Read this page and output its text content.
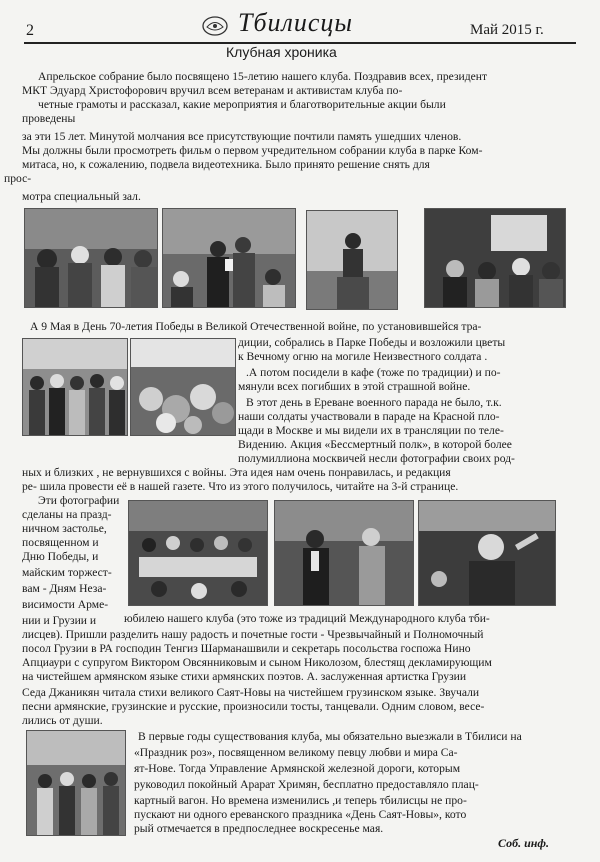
2	Тбилисцы	Май 2015 г.
Клубная хроника
Апрельское собрание было посвящено 15-летию нашего клуба. Поздравив всех, президент
МКТ Эдуард Христофорович вручил всем ветеранам и активистам клуба по-
четные грамоты и рассказал, какие мероприятия и благотворительные акции были
проведены
за эти 15 лет. Минутой молчания все присутствующие почтили память ушедших членов.
Мы должны были просмотреть фильм о первом учредительном собрании клуба в парке Ком-
митаса, но, к сожалению, подвела видеотехника. Было принято решение снять для
прос-
мотра специальный зал.
А 9 Мая в День 70-летия Победы в Великой Отечественной войне, по установившейся тра-
диции, собрались в Парке Победы и возложили цветы
к Вечному огню на могиле Неизвестного солдата .
.А потом посидели в кафе (тоже по традиции) и по-
мянули всех погибших в этой страшной войне.
В этот день в Ереване военного парада не было, т.к.
наши солдаты участвовали в параде на Красной пло-
щади в Москве и мы видели их в трансляции по теле-
Видению. Акция «Бессмертный полк», в которой более
полумиллиона москвичей несли фотографии своих род-
ных и близких , не вернувшихся с войны. Эта идея нам очень понравилась, и редакция
ре- шила провести её в нашей газете. Что из этого получилось, читайте на 3-й странице.
Эти фотографии
сделаны на празд-
ничном застолье,
посвященном и
Дню Победы, и
майским торжест-
вам - Дням Неза-
висимости Арме-
нии и Грузии и юбилею нашего клуба (это тоже из традиций Международного клуба тби-
лисцев). Пришли разделить нашу радость и почетные гости - Чрезвычайный и Полномочный
посол Грузии в РА господин Тенгиз Шарманашвили и секретарь посольства госпожа Нино
Апциаури с супругом Виктором Овсянниковым и сыном Николозом, блестящ декламирующим
на чистейшем армянском языке стихи армянских поэтов. А. заслуженная артистка Грузии
Седа Джаникян читала стихи великого Саят-Новы на чистейшем грузинском языке. Звучали
песни армянские, грузинские и русские, произносили тосты, танцевали. Одним словом, весе-
лились от души.
В первые годы существования клуба, мы обязательно выезжали в Тбилиси на
«Праздник роз», посвященном великому певцу любви и мира Са-
ят-Нове. Тогда Управление Армянской железной дороги, которым
руководил покойный Арарат Хримян, бесплатно предоставляло плац-
картный вагон. Но времена изменились ,и теперь тбилисцы не про-
пускают ни одного ереванского праздника «День Саят-Новы», кото
рый отмечается в предпоследнее воскресенье мая.
Соб. инф.
